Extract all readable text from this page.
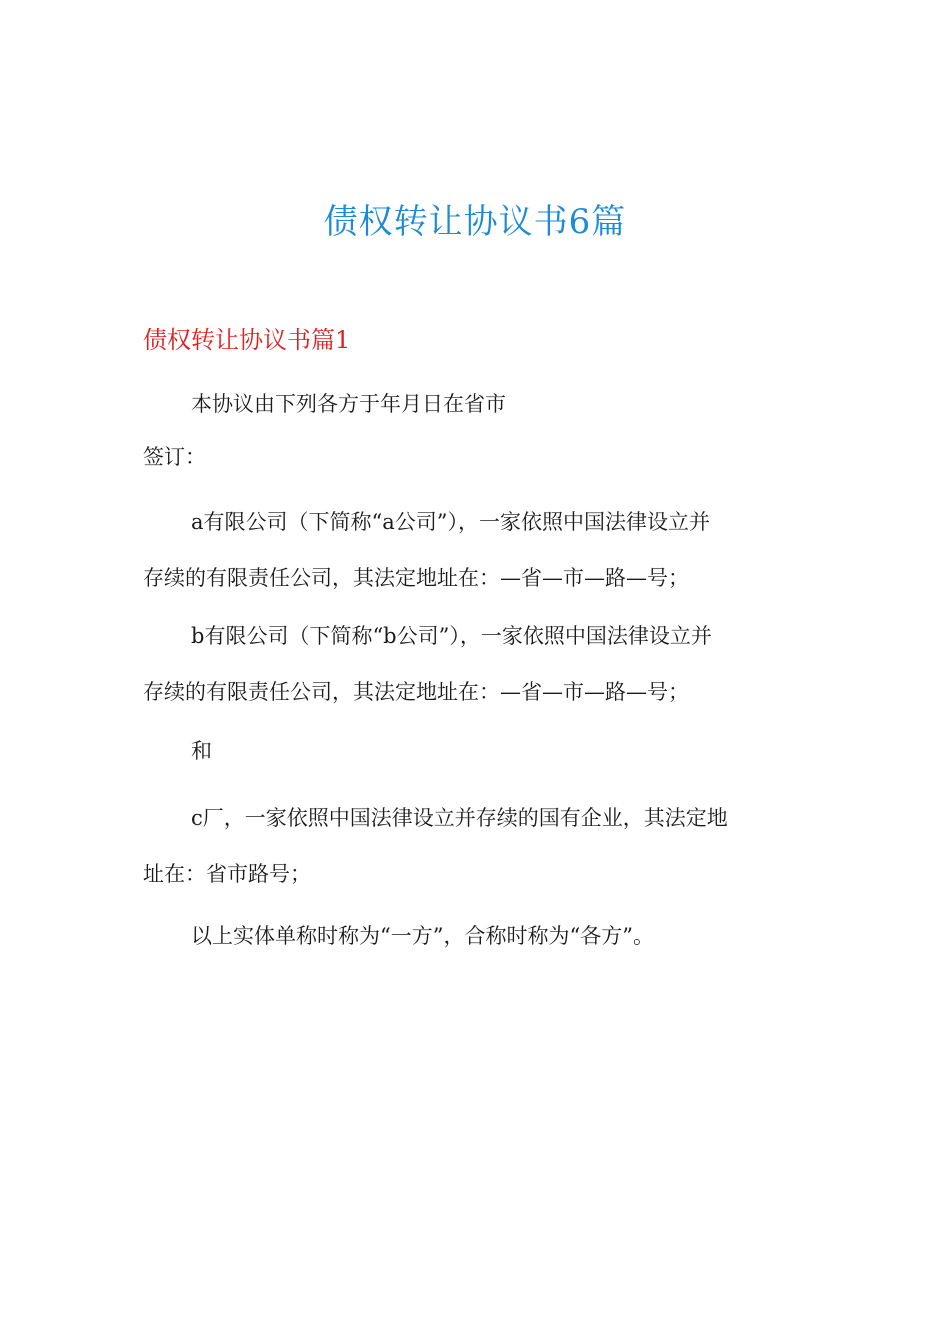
债权转让协议书6篇
债权转让协议书篇1
本协议由下列各方于年月日在省市
签订：
a有限公司（下简称“a公司”），一家依照中国法律设立并
存续的有限责任公司，其法定地址在：—省—市—路—号；
b有限公司（下简称“b公司”），一家依照中国法律设立并
存续的有限责任公司，其法定地址在：—省—市—路—号；
和
c厂，一家依照中国法律设立并存续的国有企业，其法定地
址在：省市路号；
以上实体单称时称为“一方”，合称时称为“各方”。
